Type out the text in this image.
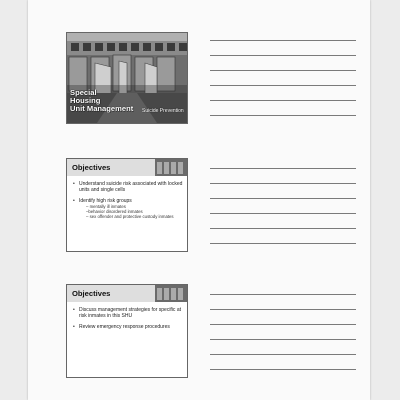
Special
Housing
Unit Management Suicide Prevention
Objectives
• Understand suicide risk associated with locked units and single cells
• Identify high risk groups
– mentally ill inmates
–behavior disordered inmates
– sex offender and protective custody inmates
Objectives
• Discuss management strategies for specific at risk inmates in this SHU
• Review emergency response procedures
